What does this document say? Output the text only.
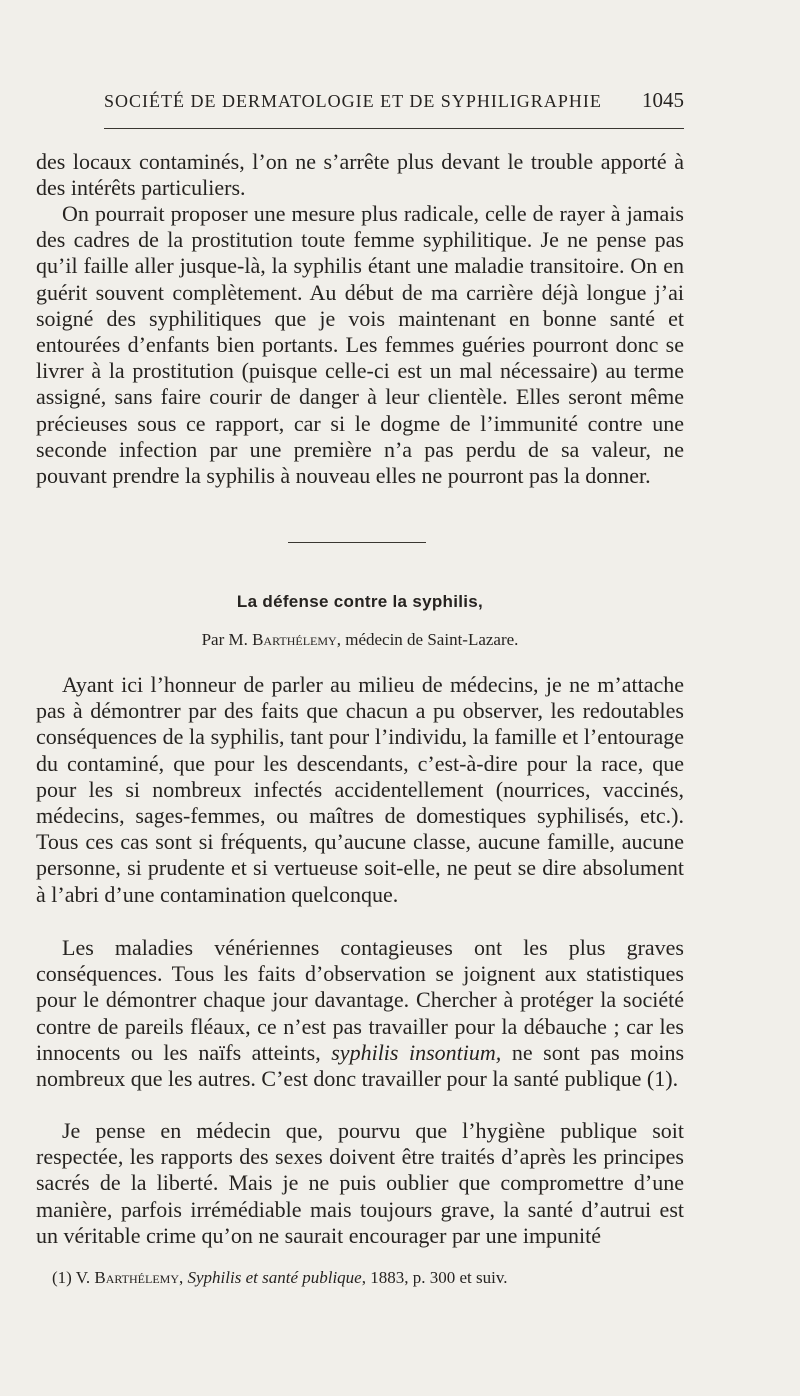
SOCIÉTÉ DE DERMATOLOGIE ET DE SYPHILIGRAPHIE 1045

des locaux contaminés, l’on ne s’arrête plus devant le trouble apporté à des intérêts particuliers.

On pourrait proposer une mesure plus radicale, celle de rayer à jamais des cadres de la prostitution toute femme syphilitique. Je ne pense pas qu’il faille aller jusque-là, la syphilis étant une maladie transitoire. On en guérit souvent complètement. Au début de ma carrière déjà longue j’ai soigné des syphilitiques que je vois maintenant en bonne santé et entourées d’enfants bien portants. Les femmes guéries pourront donc se livrer à la prostitution (puisque celle-ci est un mal nécessaire) au terme assigné, sans faire courir de danger à leur clientèle. Elles seront même précieuses sous ce rapport, car si le dogme de l’immunité contre une seconde infection par une première n’a pas perdu de sa valeur, ne pouvant prendre la syphilis à nouveau elles ne pourront pas la donner.

La défense contre la syphilis,

Par M. Barthélemy, médecin de Saint-Lazare.

Ayant ici l’honneur de parler au milieu de médecins, je ne m’attache pas à démontrer par des faits que chacun a pu observer, les redoutables conséquences de la syphilis, tant pour l’individu, la famille et l’entourage du contaminé, que pour les descendants, c’est-à-dire pour la race, que pour les si nombreux infectés accidentellement (nourrices, vaccinés, médecins, sages-femmes, ou maîtres de domestiques syphilisés, etc.). Tous ces cas sont si fréquents, qu’aucune classe, aucune famille, aucune personne, si prudente et si vertueuse soit-elle, ne peut se dire absolument à l’abri d’une contamination quelconque.

Les maladies vénériennes contagieuses ont les plus graves conséquences. Tous les faits d’observation se joignent aux statistiques pour le démontrer chaque jour davantage. Chercher à protéger la société contre de pareils fléaux, ce n’est pas travailler pour la débauche ; car les innocents ou les naïfs atteints, syphilis insontium, ne sont pas moins nombreux que les autres. C’est donc travailler pour la santé publique (1).

Je pense en médecin que, pourvu que l’hygiène publique soit respectée, les rapports des sexes doivent être traités d’après les principes sacrés de la liberté. Mais je ne puis oublier que compromettre d’une manière, parfois irrémédiable mais toujours grave, la santé d’autrui est un véritable crime qu’on ne saurait encourager par une impunité

(1) V. Barthélemy, Syphilis et santé publique, 1883, p. 300 et suiv.
